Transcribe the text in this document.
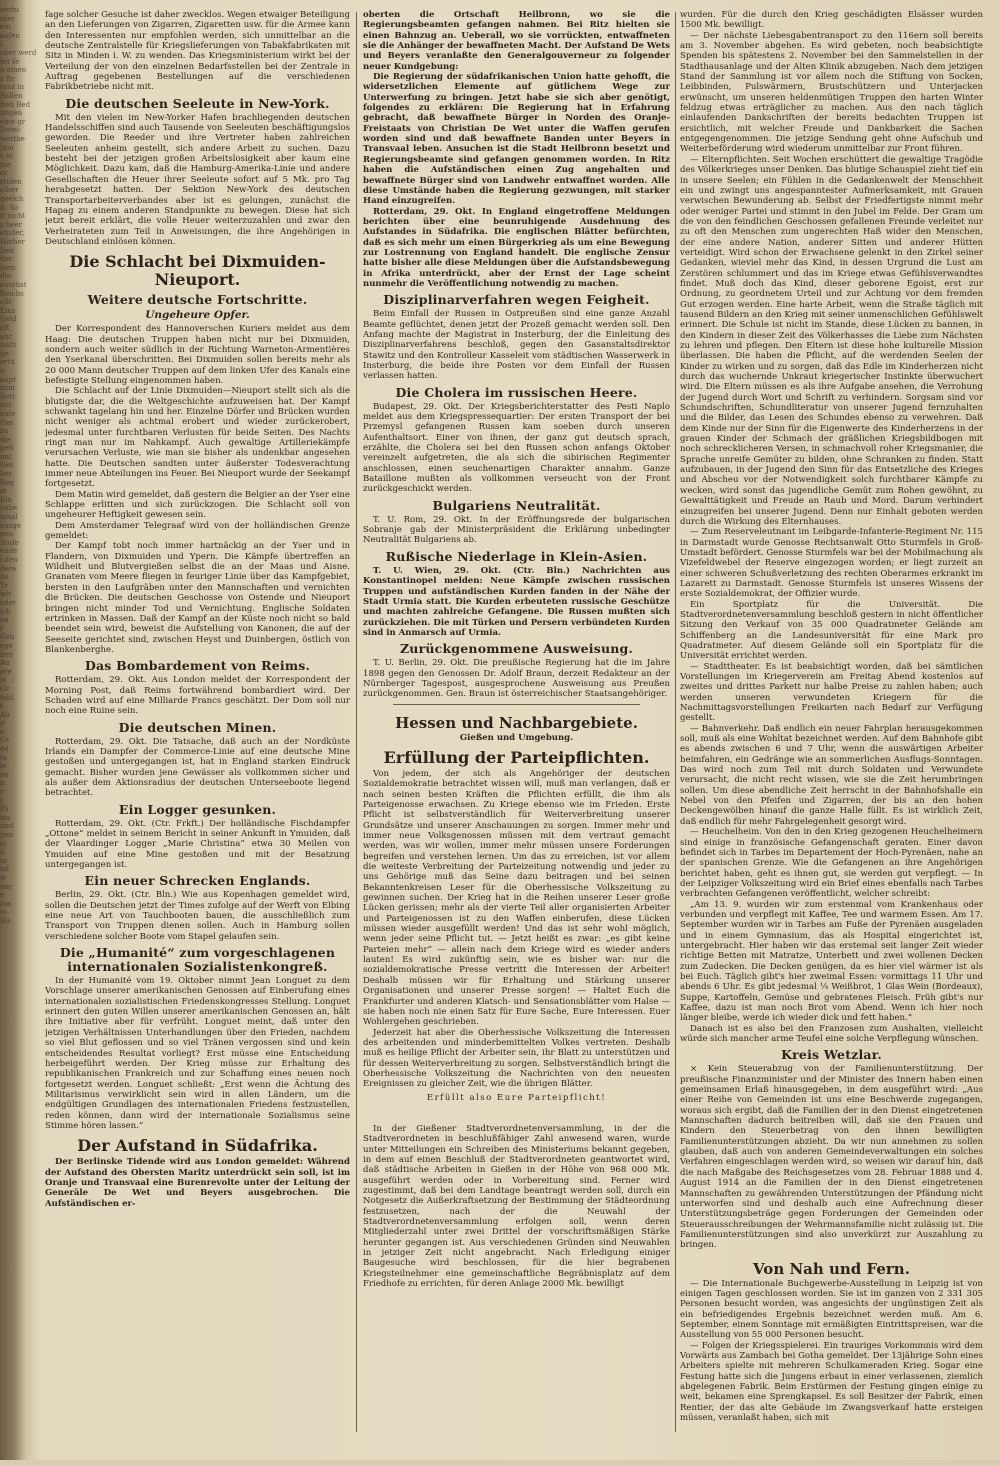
nertu
ufer
ein
aufen
l
ober werd
ter fe
n einen
s ftr
tanz in
Ballen
ften Bed
nngen
eine gr
Dotei-
wertbe
tion
s in
ine
er
stiden
olher
geelch
fl. So
it nicht
s heer
einder,
Hinher
Zeit
der
inen
die
ausrüst
Reichs
ollt
Eins
Geld
aft
ahr
mkti
ge
ertu
n
aupt
zum
Bett
mit
aufe
Ges
zu
die
gefl
unt
Ges
ber
Beg
in
Kin
nabe
inhal
ausge
ges,
Stufe
ende
i den
dere
de
Tr
wir
oder
ich
en
f
Geb
ege
frei
Au
ere
in
Gr
fehl
t
Ab
g
e
Cr
ed
ta
le
ne
a
r
t
Fä
ins
und
gen
ei
ii
ta
nd
w
ner
e
lun
io
Ha

fage solcher Gesuche ist daher zwecklos. Wegen etwaiger Beteiligung an den Lieferungen von Zigarren, Zigaretten usw. für die Armee kann den Interessenten nur empfohlen werden, sich unmittelbar an die deutsche Zentralstelle für Kriegslieferungen von Tabakfabrikaten mit Sitz in Minden i. W. zu wenden. Das Kriegsministerium wirkt bei der Verteilung der von den einzelnen Bedarfsstellen bei der Zentrale in Auftrag gegebenen Bestellungen auf die verschiedenen Fabrikbetriebe nicht mit.

Die deutschen Seeleute in New-York.

Mit den vielen im New-Yorker Hafen brachliegenden deutschen Handelsschiffen sind auch Tausende von Seeleuten beschäftigungslos geworden. Die Reeder und ihre Vertreter haben zahlreichen Seeleuten anheim gestellt, sich andere Arbeit zu suchen. Dazu besteht bei der jetzigen großen Arbeitslosigkeit aber kaum eine Möglichkeit. Dazu kam, daß die Hamburg-Amerika-Linie und andere Gesellschaften die Heuer ihrer Seeleute sofort auf 5 Mk. pro Tag herabgesetzt hatten. Der Sektion New-York des deutschen Transportarbeiterverbandes aber ist es gelungen, zunächst die Hapag zu einem anderen Standpunkte zu bewegen. Diese hat sich jetzt bereit erklärt, die volle Heuer weiterzuzahlen und zwar den Verheirateten zum Teil in Anweisungen, die ihre Angehörigen in Deutschland einlösen können.

Die Schlacht bei Dixmuiden-Nieuport.
Weitere deutsche Fortschritte.
Ungeheure Opfer.

Der Korrespondent des Hannoverschen Kuriers meldet aus dem Haag: Die deutschen Truppen haben nicht nur bei Dixmuiden, sondern auch weiter südlich in der Richtung Warneton-Armentières den Yserkanal überschritten. Bei Dixmuiden sollen bereits mehr als 20 000 Mann deutscher Truppen auf dem linken Ufer des Kanals eine befestigte Stellung eingenommen haben.

Die Schlacht auf der Linie Dixmuiden—Nieuport stellt sich als die blutigste dar, die die Weltgeschichte aufzuweisen hat. Der Kampf schwankt tagelang hin und her. Einzelne Dörfer und Brücken wurden nicht weniger als achtmal erobert und wieder zurückerobert, jedesmal unter furchtbaren Verlusten für beide Seiten. Des Nachts ringt man nur im Nahkampf. Auch gewaltige Artilleriekämpfe verursachen Verluste, wie man sie bisher als undenkbar angesehen hatte. Die Deutschen sandten unter äußerster Todesverachtung immer neue Abteilungen ins Feuer. Bei Nieuport wurde der Seekampf fortgesetzt.

Dem Matin wird gemeldet, daß gestern die Belgier an der Yser eine Schlappe erlitten und sich zurückzogen. Die Schlacht soll von ungeheurer Heftigkeit gewesen sein.

Dem Amsterdamer Telegraaf wird von der holländischen Grenze gemeldet:

Der Kampf tobt noch immer hartnäckig an der Yser und in Flandern, von Dixmuiden und Ypern. Die Kämpfe übertreffen an Wildheit und Blutvergießen selbst die an der Maas und Aisne. Granaten vom Meere fliegen in feuriger Linie über das Kampfgebiet, bersten in den Laufgräben unter den Mannschaften und vernichten die Brücken. Die deutschen Geschosse von Ostende und Nieuport bringen nicht minder Tod und Vernichtung. Englische Soldaten ertrinken in Massen. Daß der Kampf an der Küste noch nicht so bald beendet sein wird, beweist die Aufstellung von Kanonen, die auf der Seeseite gerichtet sind, zwischen Heyst und Duinbergen, östlich von Blankenberghe.

Das Bombardement von Reims.

Rotterdam, 29. Okt. Aus London meldet der Korrespondent der Morning Post, daß Reims fortwährend bombardiert wird. Der Schaden wird auf eine Milliarde Francs geschätzt. Der Dom soll nur noch eine Ruine sein.

Die deutschen Minen.

Rotterdam, 29. Okt. Die Tatsache, daß auch an der Nordküste Irlands ein Dampfer der Commerce-Linie auf eine deutsche Mine gestoßen und untergegangen ist, hat in England starken Eindruck gemacht. Bisher wurden jene Gewässer als vollkommen sicher und als außer dem Aktionsradius der deutschen Unterseeboote liegend betrachtet.

Ein Logger gesunken.

Rotterdam, 29. Okt. (Ctr. Frkft.) Der holländische Fischdampfer „Ottone“ meldet in seinem Bericht in seiner Ankunft in Ymuiden, daß der Vlaardinger Logger „Marie Christina“ etwa 30 Meilen von Ymuiden auf eine Mine gestoßen und mit der Besatzung untergegangen ist.

Ein neuer Schrecken Englands.

Berlin, 29. Okt. (Ctr. Bln.) Wie aus Kopenhagen gemeldet wird, sollen die Deutschen jetzt der Times zufolge auf der Werft von Elbing eine neue Art von Tauchbooten bauen, die ausschließlich zum Transport von Truppen dienen sollen. Auch in Hamburg sollen verschiedene solcher Boote vom Stapel gelaufen sein.

Die „Humanité“ zum vorgeschlagenen internationalen Sozialistenkongreß.

In der Humanité vom 19. Oktober nimmt Jean Longuet zu dem Vorschlage unserer amerikanischen Genossen auf Einberufung eines internationalen sozialistischen Friedenskongresses Stellung. Longuet erinnert den guten Willen unserer amerikanischen Genossen an, hält ihre Initiative aber für verfrüht. Longuet meint, daß unter den jetzigen Verhältnissen Unterhandlungen über den Frieden, nachdem so viel Blut geflossen und so viel Tränen vergossen sind und kein entscheidendes Resultat vorliegt? Erst müsse eine Entscheidung herbeigeführt werden. Der Krieg müsse zur Erhaltung des republikanischen Frankreich und zur Schaffung eines neuen noch fortgesetzt werden. Longuet schließt: „Erst wenn die Ächtung des Militarismus verwirklicht sein wird in allen Ländern, um die endgültigen Grundlagen des internationalen Friedens festzustellen, reden können, dann wird der internationale Sozialismus seine Stimme hören lassen.“

Der Aufstand in Südafrika.

Der Berlinske Tidende wird aus London gemeldet: Während der Aufstand des Obersten Maritz unterdrückt sein soll, ist im Oranje und Transvaal eine Burenrevolte unter der Leitung der Generäle De Wet und Beyers ausgebrochen. Die Aufständischen er-

oberten die Ortschaft Heilbronn, wo sie die Regierungsbeamten gefangen nahmen. Bei Ritz hielten sie einen Bahnzug an. Ueberall, wo sie vorrückten, entwaffneten sie die Anhänger der bewaffneten Macht. Der Aufstand De Wets und Beyers veranlaßte den Generalgouverneur zu folgender neuer Kundgebung:

Die Regierung der südafrikanischen Union hatte gehofft, die widersetzlichen Elemente auf gütlichem Wege zur Unterwerfung zu bringen. Jetzt habe sie sich aber genötigt, folgendes zu erklären: Die Regierung hat in Erfahrung gebracht, daß bewaffnete Bürger in Norden des Oranje-Freistaats von Christian De Wet unter die Waffen gerufen worden sind und daß bewaffnete Banden unter Beyers in Transvaal leben. Ansuchen ist die Stadt Heilbronn besetzt und Regierungsbeamte sind gefangen genommen worden. In Ritz haben die Aufständischen einen Zug angehalten und bewaffnete Bürger sind von Landwehr entwaffnet worden. Alle diese Umstände haben die Regierung gezwungen, mit starker Hand einzugreifen.

Rotterdam, 29. Okt. In England eingetroffene Meldungen berichten über eine beunruhigende Ausdehnung des Aufstandes in Südafrika. Die englischen Blätter befürchten, daß es sich mehr um einen Bürgerkrieg als um eine Bewegung zur Lostrennung von England handelt. Die englische Zensur hatte bisher alle diese Meldungen über die Aufstandsbewegung in Afrika unterdrückt, aber der Ernst der Lage scheint nunmehr die Veröffentlichung notwendig zu machen.

Disziplinarverfahren wegen Feigheit.

Beim Einfall der Russen in Ostpreußen sind eine ganze Anzahl Beamte geflüchtet, denen jetzt der Prozeß gemacht werden soll. Den Anfang machte der Magistrat in Insterburg, der die Einleitung des Disziplinarverfahrens beschloß, gegen den Gasanstaltsdirektor Stawitz und den Kontrolleur Kasseleit vom städtischen Wasserwerk in Insterburg, die beide ihre Posten vor dem Einfall der Russen verlassen hatten.

Die Cholera im russischen Heere.

Budapest, 29. Okt. Der Kriegsberichterstatter des Pesti Naplo meldet aus dem Kriegspressequartier: Der ersten Transport der bei Przemysl gefangenen Russen kam soeben durch unseren Aufenthaltsort. Einer von ihnen, der ganz gut deutsch sprach, erzählte, die Cholera sei bei den Russen schon anfangs Oktober vereinzelt aufgetreten, die als sich die sibirischen Regimenter anschlossen, einen seuchenartigen Charakter annahm. Ganze Bataillone mußten als vollkommen verseucht von der Front zurückgeschickt werden.

Bulgariens Neutralität.

T. U. Rom, 29. Okt. In der Eröffnungsrede der bulgarischen Sobranje gab der Ministerpräsident die Erklärung unbedingter Neutralität Bulgariens ab.

Rußische Niederlage in Klein-Asien.

T. U. Wien, 29. Okt. (Ctr. Bln.) Nachrichten aus Konstantinopel melden: Neue Kämpfe zwischen russischen Truppen und aufständischen Kurden fanden in der Nähe der Stadt Urmia statt. Die Kurden erbeuteten russische Geschütze und machten zahlreiche Gefangene. Die Russen mußten sich zurückziehen. Die mit Türken und Persern verbündeten Kurden sind in Anmarsch auf Urmia.

Zurückgenommene Ausweisung.

T. U. Berlin, 29. Okt. Die preußische Regierung hat die im Jahre 1898 gegen den Genossen Dr. Adolf Braun, derzeit Redakteur an der Nürnberger Tagespost, ausgesprochene Ausweisung aus Preußen zurückgenommen. Gen. Braun ist österreichischer Staatsangehöriger.

Hessen und Nachbargebiete.
Gießen und Umgebung.
Erfüllung der Parteipflichten.

Von jedem, der sich als Angehöriger der deutschen Sozialdemokratie betrachtet wissen will, muß man verlangen, daß er nach seinen besten Kräften die Pflichten erfüllt, die ihm als Parteigenosse erwachsen. Zu Kriege ebenso wie im Frieden. Erste Pflicht ist selbstverständlich für Weiterverbreitung unserer Grundsätze und unserer Anschauungen zu sorgen. Immer mehr und immer neue Volksgenossen müssen mit dem vertraut gemacht werden, was wir wollen, immer mehr müssen unsere Forderungen begreifen und verstehen lernen. Um das zu erreichen, ist vor allem die weiteste Verbreitung der Parteizeitung notwendig und jeder zu uns Gehörige muß das Seine dazu beitragen und bei seinen Bekanntenkreisen Leser für die Oberhessische Volkszeitung zu gewinnen suchen. Der Krieg hat in die Reihen unserer Leser große Lücken gerissen; mehr als der vierte Teil aller organisierten Arbeiter und Parteigenossen ist zu den Waffen einberufen, diese Lücken müssen wieder ausgefüllt werden! Und das ist sehr wohl möglich, wenn jeder seine Pflicht tut. — Jetzt heißt es zwar: „es gibt keine Parteien mehr“ — allein nach dem Kriege wird es wieder anders lauten! Es wird zukünftig sein, wie es bisher war: nur die sozialdemokratische Presse vertritt die Interessen der Arbeiter! Deshalb müssen wir für Erhaltung und Stärkung unserer Organisationen und unserer Presse sorgen! — Haltet Euch die Frankfurter und anderen Klatsch- und Sensationsblätter vom Halse — sie haben noch nie einen Satz für Eure Sache, Eure Interessen. Euer Wohlergehen geschrieben.

Jederzeit hat aber die Oberhessische Volkszeitung die Interessen des arbeitenden und minderbemittelten Volkes vertreten. Deshalb muß es heilige Pflicht der Arbeiter sein, ihr Blatt zu unterstützen und für dessen Weiterverbreitung zu sorgen. Selbstverständlich bringt die Oberhessische Volkszeitung die Nachrichten von den neuesten Ereignissen zu gleicher Zeit, wie die übrigen Blätter.

Erfüllt also Eure Parteipflicht!

In der Gießener Stadtverordnetenversammlung, in der die Stadtverordneten in beschlußfähiger Zahl anwesend waren, wurde unter Mitteilungen ein Schreiben des Ministeriums bekannt gegeben, in dem auf einen Beschluß der Stadtverordneten geantwortet wird, daß städtische Arbeiten in Gießen in der Höhe von 968 000 Mk. ausgeführt werden oder in Vorbereitung sind. Ferner wird zugestimmt, daß bei dem Landtage beantragt werden soll, durch ein Notgesetz die Außerkraftsetzung der Bestimmung der Städteordnung festzusetzen, nach der die Neuwahl der Stadtverordnetenversammlung erfolgen soll, wenn deren Mitgliederzahl unter zwei Drittel der vorschriftsmäßigen Stärke herunter gegangen ist. Aus verschiedenen Gründen sind Neuwahlen in jetziger Zeit nicht angebracht. Nach Erledigung einiger Baugesuche wird beschlossen, für die hier begrabenen Kriegsteilnehmer eine gemeinschaftliche Begräbnisplatz auf dem Friedhofe zu errichten, für deren Anlage 2000 Mk. bewilligt

wurden. Für die durch den Krieg geschädigten Elsässer wurden 1500 Mk. bewilligt.

— Der nächste Liebesgabentransport zu den 116ern soll bereits am 3. November abgehen. Es wird gebeten, noch beabsichtigte Spenden bis spätestens 2. November bei den Sammelstellen in der Stadthausanlage und der Alten Klinik abzugeben. Nach dem jetzigen Stand der Sammlung ist vor allem noch die Stiftung von Socken, Leibbinden, Pulswärmern, Brustschützern und Unterjacken erwünscht, um unseren heldenmütigen Truppen den harten Winter feldzug etwas erträglicher zu machen. Aus den nach täglich einlaufenden Dankschriften der bereits bedachten Truppen ist ersichtlich, mit welcher Freude und Dankbarkeit die Sachen entgegengenommen. Die jetzige Sendung geht ohne Aufschub und Weiterbeförderung wird wiederum unmittelbar zur Front führen.

— Elternpflichten. Seit Wochen erschüttert die gewaltige Tragödie des Völkerkrieges unser Denken. Das blutige Schauspiel zieht tief ein in unsere Seelen; ein Fühlen in die Gedankenwelt der Menschheit ein und zwingt uns angespanntester Aufmerksamkeit, mit Grauen verwischen Bewunderung ab. Selbst der Friedfertigste nimmt mehr oder weniger Partei und stimmt in den Jubel im Felde. Der Gram um die von den feindlichen Geschossen gefallenen Freunde verleitet nur zu oft den Menschen zum ungerechten Haß wider den Menschen, der eine andere Nation, anderer Sitten und anderer Hütten verteidigt. Wird schon der Erwachsene gelenkt in den Zirkel seiner Gedanken, wieviel mehr das Kind, in dessen Urgrund die Lust am Zerstören schlummert und das im Kriege etwas Gefühlsverwandtes findet. Muß doch das Kind, dieser geborene Egoist, erst zur Ordnung, zu geordnetem Urteil und zur Achtung vor dem fremden Gut erzogen werden. Eine harte Arbeit, wenn die Straße täglich mit tausend Bildern an den Krieg mit seiner unmenschlichen Gefühlswelt erinnert. Die Schule ist nicht im Stande, diese Lücken zu bannen, in den Kindern in dieser Zeit des Völkerhasses die Liebe zum Nächsten zu lehren und pflegen. Den Eltern ist diese hohe kulturelle Mission überlassen. Die haben die Pflicht, auf die werdenden Seelen der Kinder zu wirken und zu sorgen, daß das Edle im Kinderherzen nicht durch das wuchernde Unkraut kriegerischer Instinkte überwuchert wird. Die Eltern müssen es als ihre Aufgabe ansehen, die Verrohung der Jugend durch Wort und Schrift zu verhindern. Sorgsam sind vor Schundschriften, Schundliteratur von unserer Jugend fernzuhalten und die Bilder, das Lesen des Schundes ebenso zu verwehren. Daß dem Kinde nur der Sinn für die Eigenwerte des Kinderherzens in der grauen Kinder der Schmach der gräßlichen Kriegsbildbogen mit noch schrecklicheren Versen, in schmachvoll roher Kriegsmanier, die Sprache unreife Gemüter zu bilden, ohne Schranken zu finden. Statt aufzubauen, in der Jugend den Sinn für das Entsetzliche des Krieges und Abscheu vor der Notwendigkeit solch furchtbarer Kämpfe zu wecken, wird sonst das jugendliche Gemüt zum Rohen gewöhnt, zu Gewalttätigkeit und Freude an Raub und Mord. Darum verhindert einzugreifen bei unserer Jugend. Denn nur Einhalt geboten werden durch die Wirkung des Elternhauses.

— Zum Reserveleutnant im Leibgarde-Infanterie-Regiment Nr. 115 in Darmstadt wurde Genosse Rechtsanwalt Otto Sturmfels in Groß-Umstadt befördert. Genosse Sturmfels war bei der Mobilmachung als Vizefeldwebel der Reserve eingezogen worden; er liegt zurzeit an einer schweren Schußverletzung des rechten Oberarmes erkrankt im Lazarett zu Darmstadt. Genosse Sturmfels ist unseres Wissens der erste Sozialdemokrat, der Offizier wurde.

Ein Sportplatz für die Universität. Die Stadtverordnetenversammlung beschloß gestern in nicht öffentlicher Sitzung den Verkauf von 35 000 Quadratmeter Gelände am Schiffenberg an die Landesuniversität für eine Mark pro Quadratmeter. Auf diesem Gelände soll ein Sportplatz für die Universität errichtet werden.

— Stadttheater. Es ist beabsichtigt worden, daß bei sämtlichen Vorstellungen im Kriegerverein am Freitag Abend kostenlos auf zweites und drittes Parkett nur halbe Preise zu zahlen haben; auch werden unseren verwundeten Kriegern für die Nachmittagsvorstellungen Freikarten nach Bedarf zur Verfügung gestellt.

— Bahnverkehr. Daß endlich ein neuer Fahrplan herausgekommen soll, muß als eine Wohltat bezeichnet werden. Auf dem Bahnhofe gibt es abends zwischen 6 und 7 Uhr, wenn die auswärtigen Arbeiter heimfahren, ein Gedränge wie an sommerlichen Ausflugs-Sonntagen. Das wird noch zum Teil mit durch Soldaten und Verwundete verursacht, die nicht recht wissen, wie sie die Zeit herumbringen sollen. Um diese abendliche Zeit herrscht in der Bahnhofshalle ein Nebel von den Pfeifen und Zigarren, der bis an den hohen Deckengewölben hinauf die ganze Halle füllt. Es ist wirklich Zeit, daß endlich für mehr Fahrgelegenheit gesorgt wird.

— Heuchelheim. Von den in den Krieg gezogenen Heuchelheimern sind einige in französische Gefangenschaft geraten. Einer davon befindet sich in Tarbes im Departement der Hoch-Pyrenäen, nahe an der spanischen Grenze. Wie die Gefangenen an ihre Angehörigen berichtet haben, geht es ihnen gut, sie werden gut verpflegt. — In der Leipziger Volkszeitung wird ein Brief eines ebenfalls nach Tarbes verbrachten Gefangenen veröffentlicht, welcher schreibt:

„Am 13. 9. wurden wir zum erstenmal vom Krankenhaus oder verbunden und verpflegt mit Kaffee, Tee und warmem Essen. Am 17. September wurden wir in Tarbes am Fuße der Pyrenäen ausgeladen und in einem Gymnasium, das als Hospital eingerichtet ist, untergebracht. Hier haben wir das erstemal seit langer Zeit wieder richtige Betten mit Matratze, Unterbett und zwei wollenen Decken zum Zudecken. Die Decken genügen, da es hier viel wärmer ist als bei Euch. Täglich gibt's hier zweimal Essen: vormittags 11 Uhr und abends 6 Uhr. Es gibt jedesmal ¼ Weißbrot, 1 Glas Wein (Bordeaux), Suppe, Kartoffeln, Gemüse und gebratenes Fleisch. Früh gibt's nur Kaffee, dazu ist man noch Brot vom Abend. Wenn ich hier noch länger bleibe, werde ich wieder dick und fett haben.“

Danach ist es also bei den Franzosen zum Aushalten, vielleicht würde sich mancher arme Teufel eine solche Verpflegung wünschen.

Kreis Wetzlar.

× Kein Steuerabzug von der Familienunterstützung. Der preußische Finanzminister und der Minister des Innern haben einen gemeinsamen Erlaß hinausgegeben, in dem ausgeführt wird: „Aus einer Reihe von Gemeinden ist uns eine Beschwerde zugegangen, woraus sich ergibt, daß die Familien der in den Dienst eingetretenen Mannschaften dadurch beitreiben will, daß sie den Frauen und Kindern den Steuerbetrag von den ihnen bewilligten Familienunterstützungen abzieht. Da wir nun annehmen zu sollen glauben, daß auch von anderen Gemeindeverwaltungen ein solches Verfahren eingeschlagen werden wird, so weisen wir darauf hin, daß die nach Maßgabe des Reichsgesetzes vom 28. Februar 1888 und 4. August 1914 an die Familien der in den Dienst eingetretenen Mannschaften zu gewährenden Unterstützungen der Pfändung nicht unterworfen sind und deshalb auch eine Aufrechnung dieser Unterstützungsbeträge gegen Forderungen der Gemeinden oder Steuerausschreibungen der Wehrmannsfamilie nicht zulässig ist. Die Familienunterstützungen sind also unverkürzt zur Auszahlung zu bringen.

Von Nah und Fern.

— Die Internationale Buchgewerbe-Ausstellung in Leipzig ist von einigen Tagen geschlossen worden. Sie ist im ganzen von 2 331 305 Personen besucht worden, was angesichts der ungünstigen Zeit als ein befriedigendes Ergebnis bezeichnet werden muß. Am 6. September, einem Sonntage mit ermäßigten Eintrittspreisen, war die Ausstellung von 55 000 Personen besucht.

— Folgen der Kriegsspielerei. Ein trauriges Vorkommnis wird dem Vorwärts aus Zambach bei Gotha gemeldet. Der 13jährige Sohn eines Arbeiters spielte mit mehreren Schulkameraden Krieg. Sogar eine Festung hatte sich die Jungens erbaut in einer verlassenen, ziemlich abgelegenen Fabrik. Beim Erstürmen der Festung gingen einige zu weit, bekamen eine Sprengkapsel. Es soll Besitzer der Fabrik, einen Rentier, der das alte Gebäude im Zwangsverkauf hatte ersteigen müssen, veranlaßt haben, sich mit
